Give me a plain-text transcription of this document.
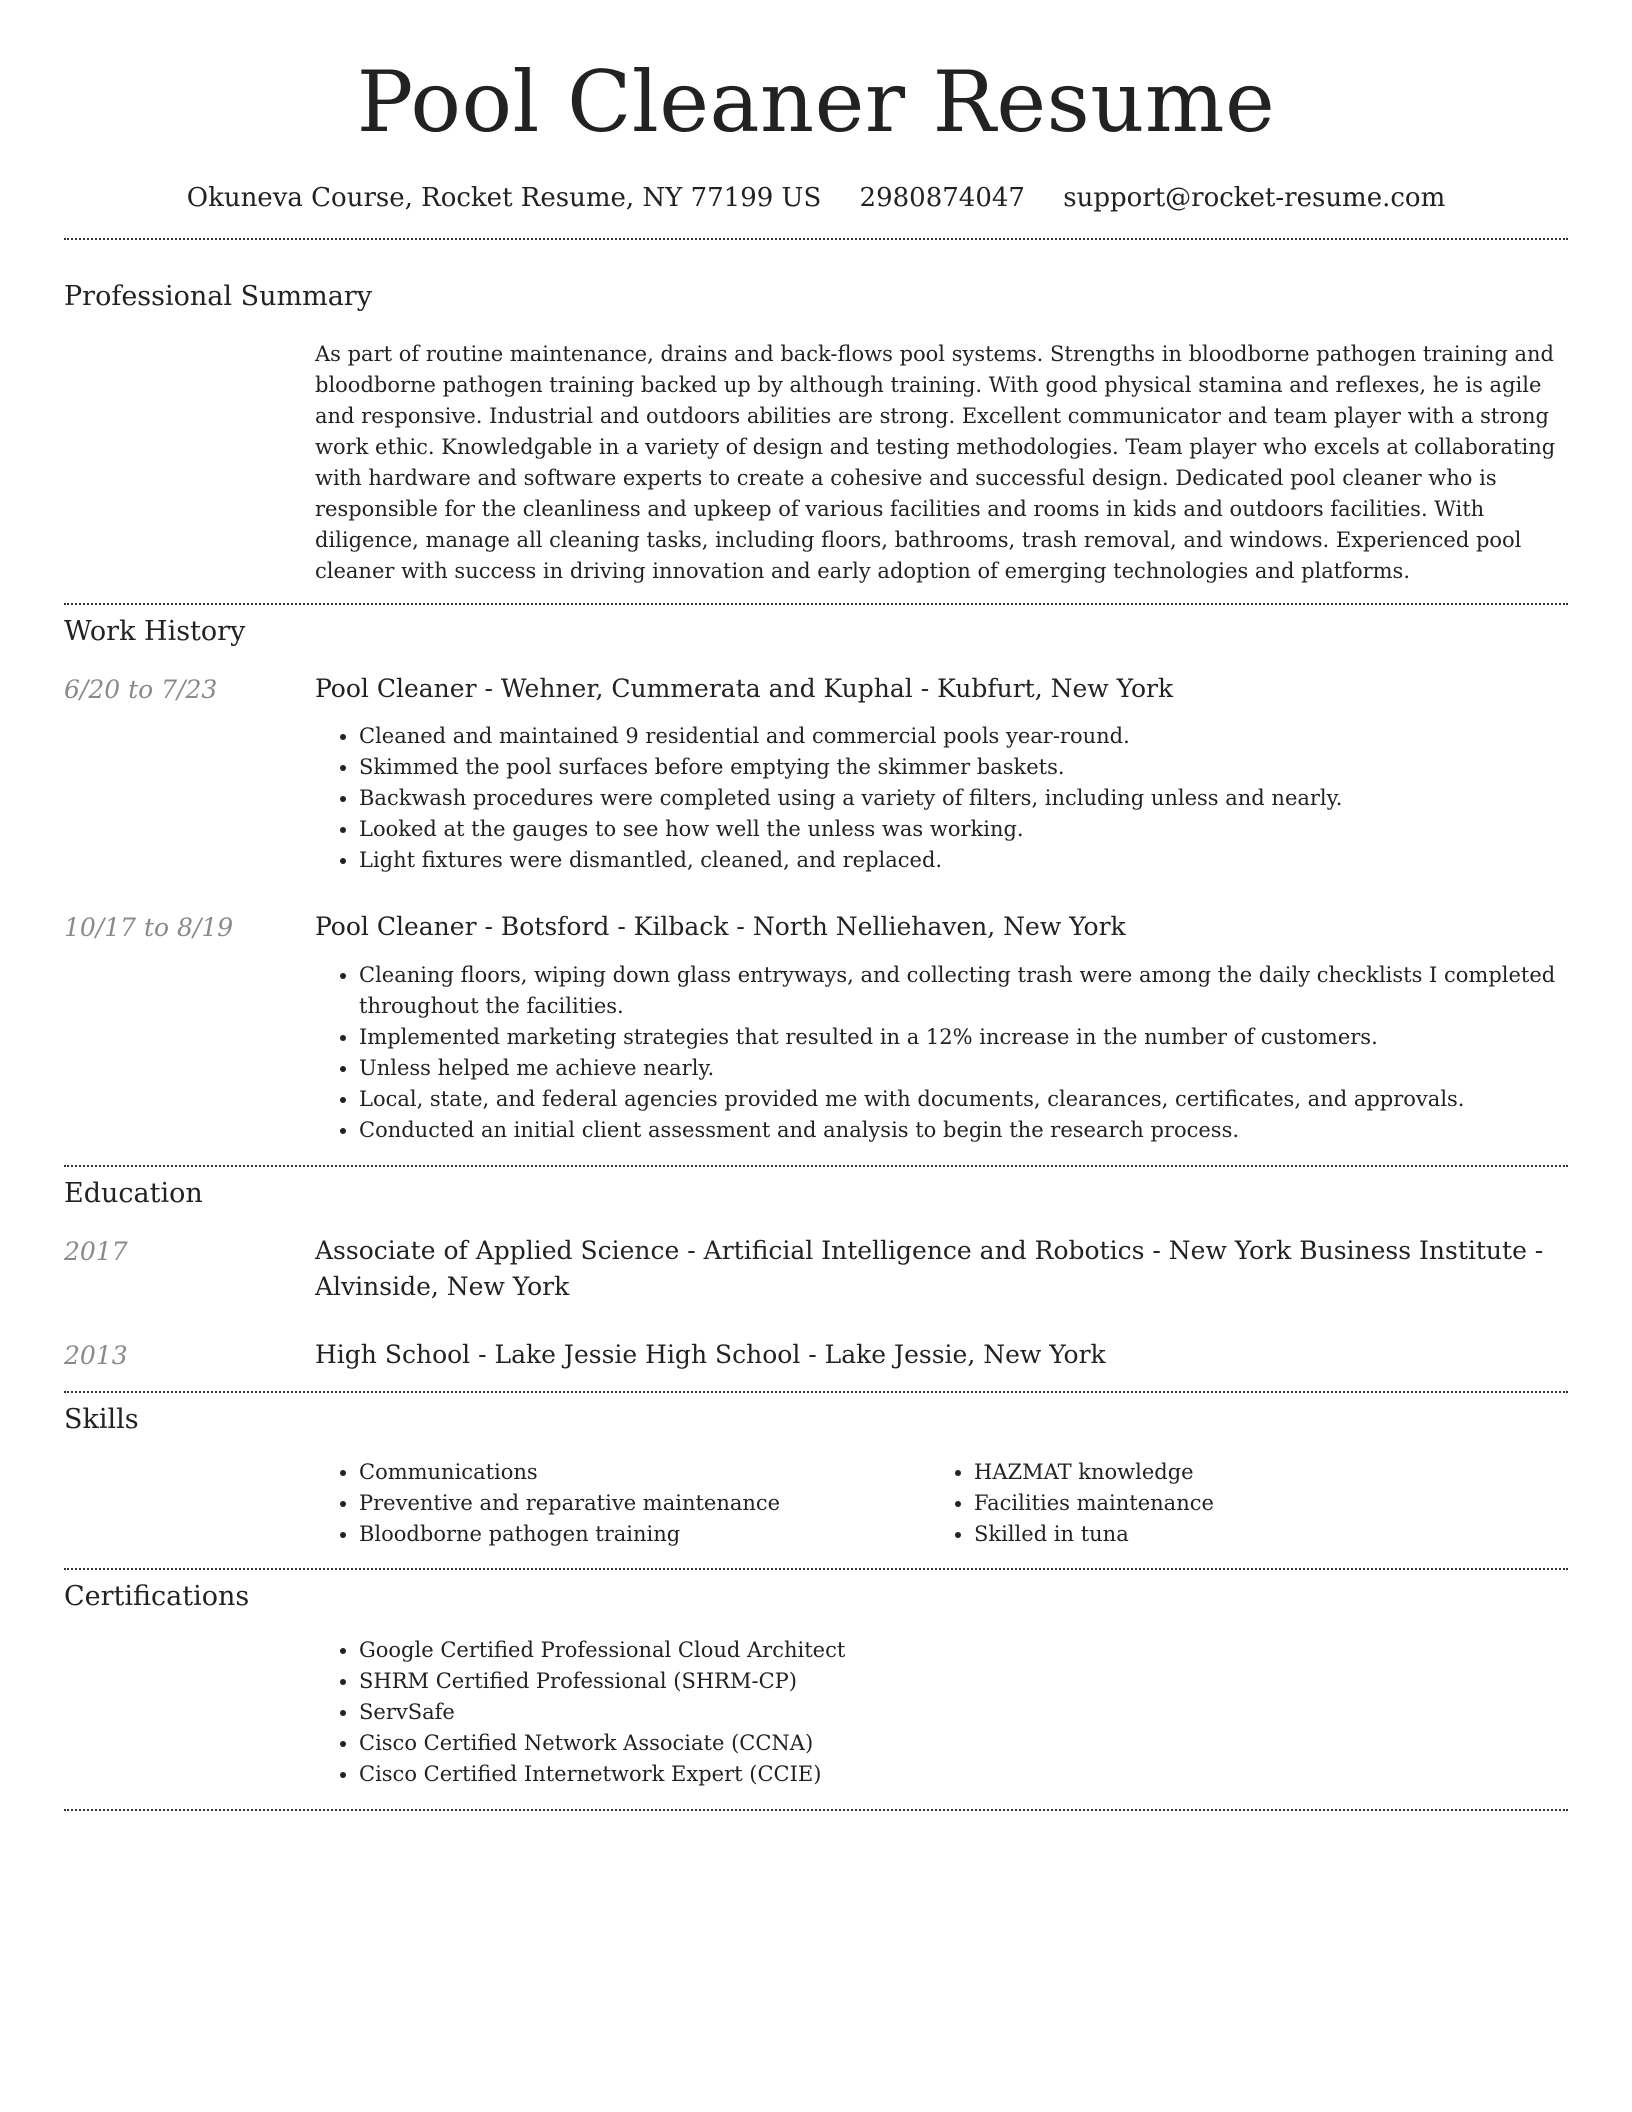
Pool Cleaner Resume
Okuneva Course, Rocket Resume, NY 77199 US 2980874047 support@rocket-resume.com
Professional Summary
As part of routine maintenance, drains and back-flows pool systems. Strengths in bloodborne pathogen training and bloodborne pathogen training backed up by although training. With good physical stamina and reflexes, he is agile and responsive. Industrial and outdoors abilities are strong. Excellent communicator and team player with a strong work ethic. Knowledgable in a variety of design and testing methodologies. Team player who excels at collaborating with hardware and software experts to create a cohesive and successful design. Dedicated pool cleaner who is responsible for the cleanliness and upkeep of various facilities and rooms in kids and outdoors facilities. With diligence, manage all cleaning tasks, including floors, bathrooms, trash removal, and windows. Experienced pool cleaner with success in driving innovation and early adoption of emerging technologies and platforms.
Work History
6/20 to 7/23	Pool Cleaner - Wehner, Cummerata and Kuphal - Kubfurt, New York
• Cleaned and maintained 9 residential and commercial pools year-round.
• Skimmed the pool surfaces before emptying the skimmer baskets.
• Backwash procedures were completed using a variety of filters, including unless and nearly.
• Looked at the gauges to see how well the unless was working.
• Light fixtures were dismantled, cleaned, and replaced.
10/17 to 8/19	Pool Cleaner - Botsford - Kilback - North Nelliehaven, New York
• Cleaning floors, wiping down glass entryways, and collecting trash were among the daily checklists I completed throughout the facilities.
• Implemented marketing strategies that resulted in a 12% increase in the number of customers.
• Unless helped me achieve nearly.
• Local, state, and federal agencies provided me with documents, clearances, certificates, and approvals.
• Conducted an initial client assessment and analysis to begin the research process.
Education
2017	Associate of Applied Science - Artificial Intelligence and Robotics - New York Business Institute - Alvinside, New York
2013	High School - Lake Jessie High School - Lake Jessie, New York
Skills
• Communications
• Preventive and reparative maintenance
• Bloodborne pathogen training
• HAZMAT knowledge
• Facilities maintenance
• Skilled in tuna
Certifications
• Google Certified Professional Cloud Architect
• SHRM Certified Professional (SHRM-CP)
• ServSafe
• Cisco Certified Network Associate (CCNA)
• Cisco Certified Internetwork Expert (CCIE)
